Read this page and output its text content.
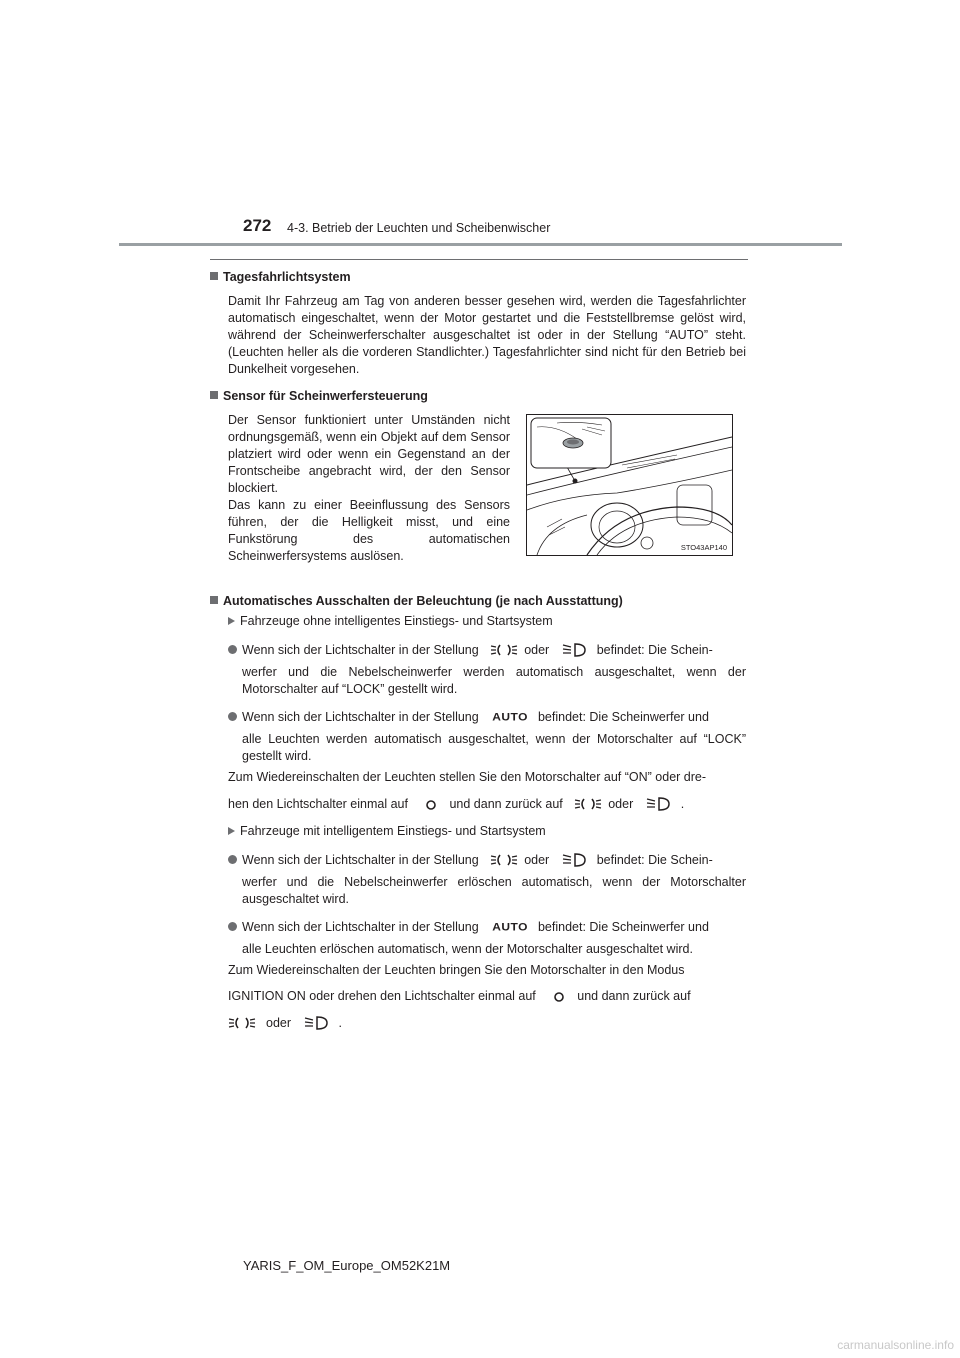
272 4-3. Betrieb der Leuchten und Scheibenwischer
Tagesfahrlichtsystem
Damit Ihr Fahrzeug am Tag von anderen besser gesehen wird, werden die Tagesfahrlichter automatisch eingeschaltet, wenn der Motor gestartet und die Feststellbremse gelöst wird, während der Scheinwerferschalter ausgeschaltet ist oder in der Stellung “AUTO” steht. (Leuchten heller als die vorderen Standlichter.) Tagesfahrlichter sind nicht für den Betrieb bei Dunkelheit vorgesehen.
Sensor für Scheinwerfersteuerung
Der Sensor funktioniert unter Umständen nicht ordnungsgemäß, wenn ein Objekt auf dem Sensor platziert wird oder wenn ein Gegenstand an der Frontscheibe angebracht wird, der den Sensor blockiert.
Das kann zu einer Beeinflussung des Sensors führen, der die Helligkeit misst, und eine Funkstörung des automatischen Scheinwerfersystems auslösen.
STO43AP140
Automatisches Ausschalten der Beleuchtung (je nach Ausstattung)
Fahrzeuge ohne intelligentes Einstiegs- und Startsystem
Wenn sich der Lichtschalter in der Stellung	oder	befindet: Die Schein-
werfer und die Nebelscheinwerfer werden automatisch ausgeschaltet, wenn der Motorschalter auf “LOCK” gestellt wird.
Wenn sich der Lichtschalter in der Stellung AUTO befindet: Die Scheinwerfer und
alle Leuchten werden automatisch ausgeschaltet, wenn der Motorschalter auf “LOCK” gestellt wird.
Zum Wiedereinschalten der Leuchten stellen Sie den Motorschalter auf “ON” oder dre-
hen den Lichtschalter einmal auf	und dann zurück auf	oder	.
Fahrzeuge mit intelligentem Einstiegs- und Startsystem
Wenn sich der Lichtschalter in der Stellung	oder	befindet: Die Schein-
werfer und die Nebelscheinwerfer erlöschen automatisch, wenn der Motorschalter ausgeschaltet wird.
Wenn sich der Lichtschalter in der Stellung AUTO befindet: Die Scheinwerfer und
alle Leuchten erlöschen automatisch, wenn der Motorschalter ausgeschaltet wird.
Zum Wiedereinschalten der Leuchten bringen Sie den Motorschalter in den Modus
IGNITION ON oder drehen den Lichtschalter einmal auf	und dann zurück auf
oder	.
YARIS_F_OM_Europe_OM52K21M
carmanualsonline.info
